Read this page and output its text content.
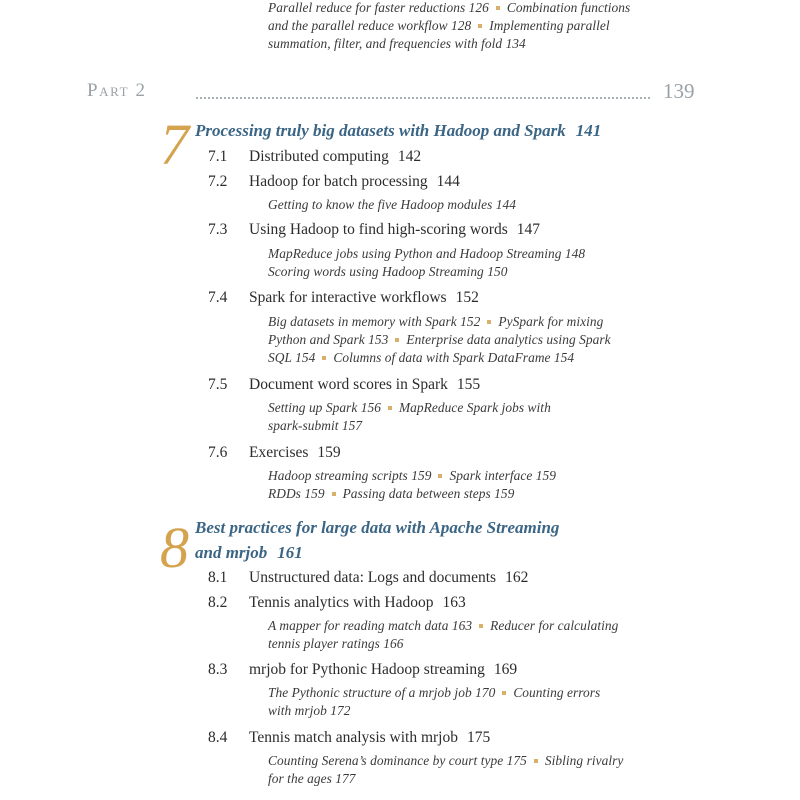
Parallel reduce for faster reductions 126 Combination functions
and the parallel reduce workflow 128 Implementing parallel
summation, filter, and frequencies with fold 134
Part 2	139
7 Processing truly big datasets with Hadoop and Spark 141
7.1 Distributed computing 142
7.2 Hadoop for batch processing 144
Getting to know the five Hadoop modules 144
7.3 Using Hadoop to find high-scoring words 147
MapReduce jobs using Python and Hadoop Streaming 148
Scoring words using Hadoop Streaming 150
7.4 Spark for interactive workflows 152
Big datasets in memory with Spark 152 PySpark for mixing
Python and Spark 153 Enterprise data analytics using Spark
SQL 154 Columns of data with Spark DataFrame 154
7.5 Document word scores in Spark 155
Setting up Spark 156 MapReduce Spark jobs with
spark-submit 157
7.6 Exercises 159
Hadoop streaming scripts 159 Spark interface 159
RDDs 159 Passing data between steps 159
8 Best practices for large data with Apache Streaming
and mrjob 161
8.1 Unstructured data: Logs and documents 162
8.2 Tennis analytics with Hadoop 163
A mapper for reading match data 163 Reducer for calculating
tennis player ratings 166
8.3 mrjob for Pythonic Hadoop streaming 169
The Pythonic structure of a mrjob job 170 Counting errors
with mrjob 172
8.4 Tennis match analysis with mrjob 175
Counting Serena’s dominance by court type 175 Sibling rivalry
for the ages 177
